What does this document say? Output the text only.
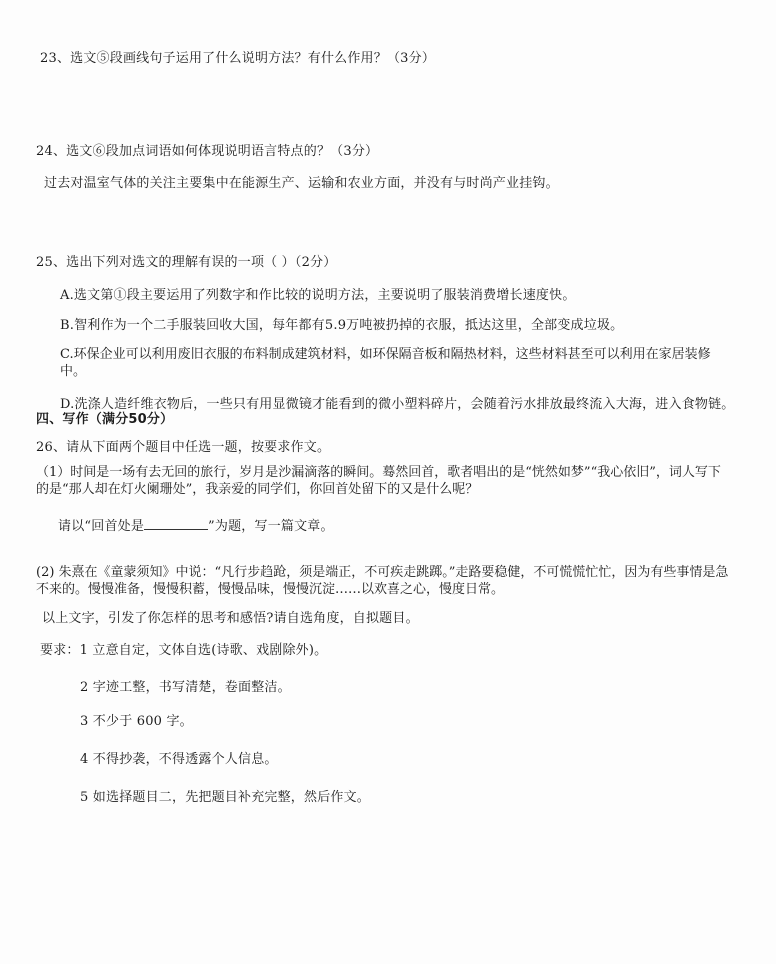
23、选文⑤段画线句子运用了什么说明方法？有什么作用？（3分）
24、选文⑥段加点词语如何体现说明语言特点的？（3分）
过去对温室气体的关注主要集中在能源生产、运输和农业方面，并没有与时尚产业挂钩。
25、选出下列对选文的理解有误的一项（ ）（2分）
A.选文第①段主要运用了列数字和作比较的说明方法，主要说明了服装消费增长速度快。
B.智利作为一个二手服装回收大国，每年都有5.9万吨被扔掉的衣服，抵达这里，全部变成垃圾。
C.环保企业可以利用废旧衣服的布料制成建筑材料，如环保隔音板和隔热材料，这些材料甚至可以利用在家居装修中。
D.洗涤人造纤维衣物后，一些只有用显微镜才能看到的微小塑料碎片，会随着污水排放最终流入大海，进入食物链。
四、写作（满分50分）
26、请从下面两个题目中任选一题，按要求作文。
（1）时间是一场有去无回的旅行，岁月是沙漏滴落的瞬间。蓦然回首，歌者唱出的是“恍然如梦”“我心依旧”，词人写下的是“那人却在灯火阑珊处”，我亲爱的同学们，你回首处留下的又是什么呢？
请以“回首处是	”为题，写一篇文章。
(2) 朱熹在《童蒙须知》中说：“凡行步趋跄，须是端正，不可疾走跳踯。”走路要稳健，不可慌慌忙忙，因为有些事情是急不来的。慢慢准备，慢慢积蓄，慢慢品味，慢慢沉淀……以欢喜之心，慢度日常。
以上文字，引发了你怎样的思考和感悟?请自选角度，自拟题目。
要求：1 立意自定，文体自选(诗歌、戏剧除外)。
2 字迹工整，书写清楚，卷面整洁。
3 不少于 600 字。
4 不得抄袭，不得透露个人信息。
5 如选择题目二，先把题目补充完整，然后作文。
